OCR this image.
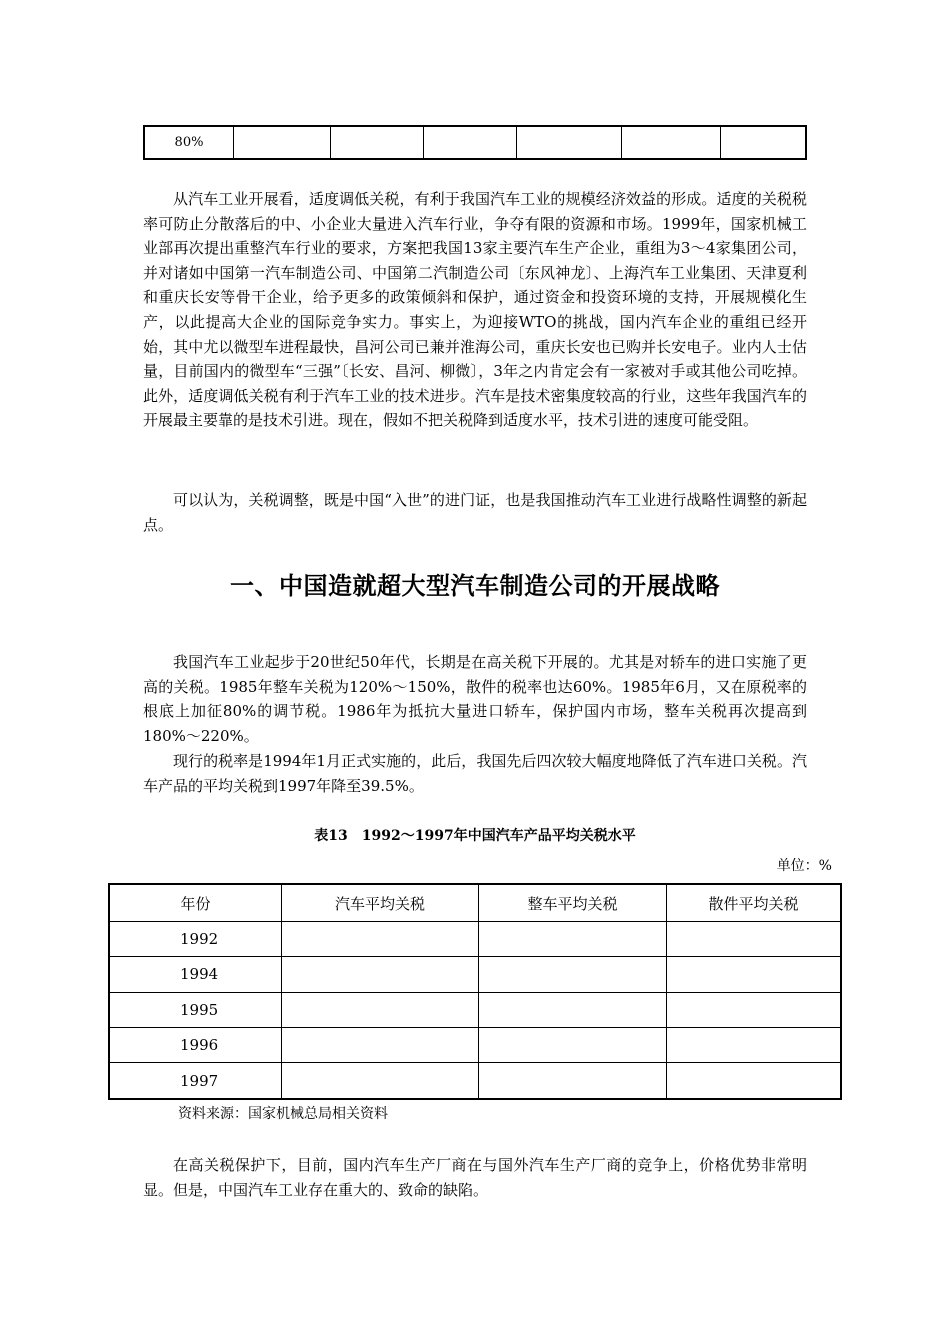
80%						
从汽车工业开展看，适度调低关税，有利于我国汽车工业的规模经济效益的形成。适度的关税税率可防止分散落后的中、小企业大量进入汽车行业，争夺有限的资源和市场。1999年，国家机械工业部再次提出重整汽车行业的要求，方案把我国13家主要汽车生产企业，重组为3～4家集团公司，并对诸如中国第一汽车制造公司、中国第二汽制造公司〔东风神龙〕、上海汽车工业集团、天津夏利和重庆长安等骨干企业，给予更多的政策倾斜和保护，通过资金和投资环境的支持，开展规模化生产，以此提高大企业的国际竞争实力。事实上，为迎接WTO的挑战，国内汽车企业的重组已经开始，其中尤以微型车进程最快，昌河公司已兼并淮海公司，重庆长安也已购并长安电子。业内人士估量，目前国内的微型车“三强”〔长安、昌河、柳微〕，3年之内肯定会有一家被对手或其他公司吃掉。此外，适度调低关税有利于汽车工业的技术进步。汽车是技术密集度较高的行业，这些年我国汽车的开展最主要靠的是技术引进。现在，假如不把关税降到适度水平，技术引进的速度可能受阻。
可以认为，关税调整，既是中国“入世”的进门证，也是我国推动汽车工业进行战略性调整的新起点。
一、中国造就超大型汽车制造公司的开展战略
我国汽车工业起步于20世纪50年代，长期是在高关税下开展的。尤其是对轿车的进口实施了更高的关税。1985年整车关税为120%～150%，散件的税率也达60%。1985年6月，又在原税率的根底上加征80%的调节税。1986年为抵抗大量进口轿车，保护国内市场，整车关税再次提高到180%～220%。
现行的税率是1994年1月正式实施的，此后，我国先后四次较大幅度地降低了汽车进口关税。汽车产品的平均关税到1997年降至39.5%。
表13　1992～1997年中国汽车产品平均关税水平
单位：%
年份	汽车平均关税	整车平均关税	散件平均关税
1992			
1994			
1995			
1996			
1997			
资料来源：国家机械总局相关资料
在高关税保护下，目前，国内汽车生产厂商在与国外汽车生产厂商的竞争上，价格优势非常明显。但是，中国汽车工业存在重大的、致命的缺陷。
